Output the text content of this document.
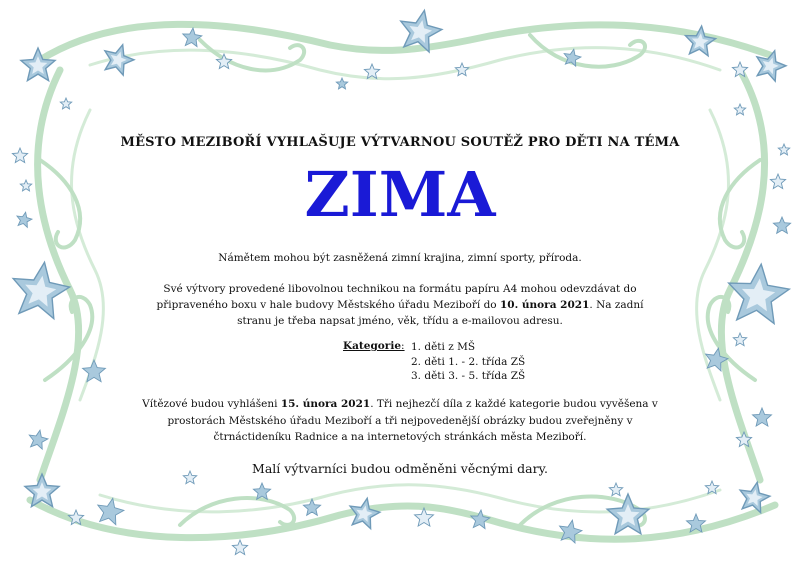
MĚSTO MEZIBOŘÍ VYHLAŠUJE VÝTVARNOU SOUTĚŽ PRO DĚTI NA TÉMA
ZIMA
Námětem mohou být zasněžená zimní krajina, zimní sporty, příroda.
Své výtvory provedené libovolnou technikou na formátu papíru A4 mohou odevzdávat do připraveného boxu v hale budovy Městského úřadu Meziboří do 10. února 2021. Na zadní stranu je třeba napsat jméno, věk, třídu a e-mailovou adresu.
Kategorie: 1. děti z MŠ
2. děti 1. - 2. třída ZŠ
3. děti 3. - 5. třída ZŠ
Vítězové budou vyhlášeni 15. února 2021. Tři nejhezčí díla z každé kategorie budou vyvěšena v prostorách Městského úřadu Meziboří a tři nejpovedenější obrázky budou zveřejněny v čtrnáctideníku Radnice a na internetových stránkách města Meziboří.
Malí výtvarníci budou odměněni věcnými dary.
